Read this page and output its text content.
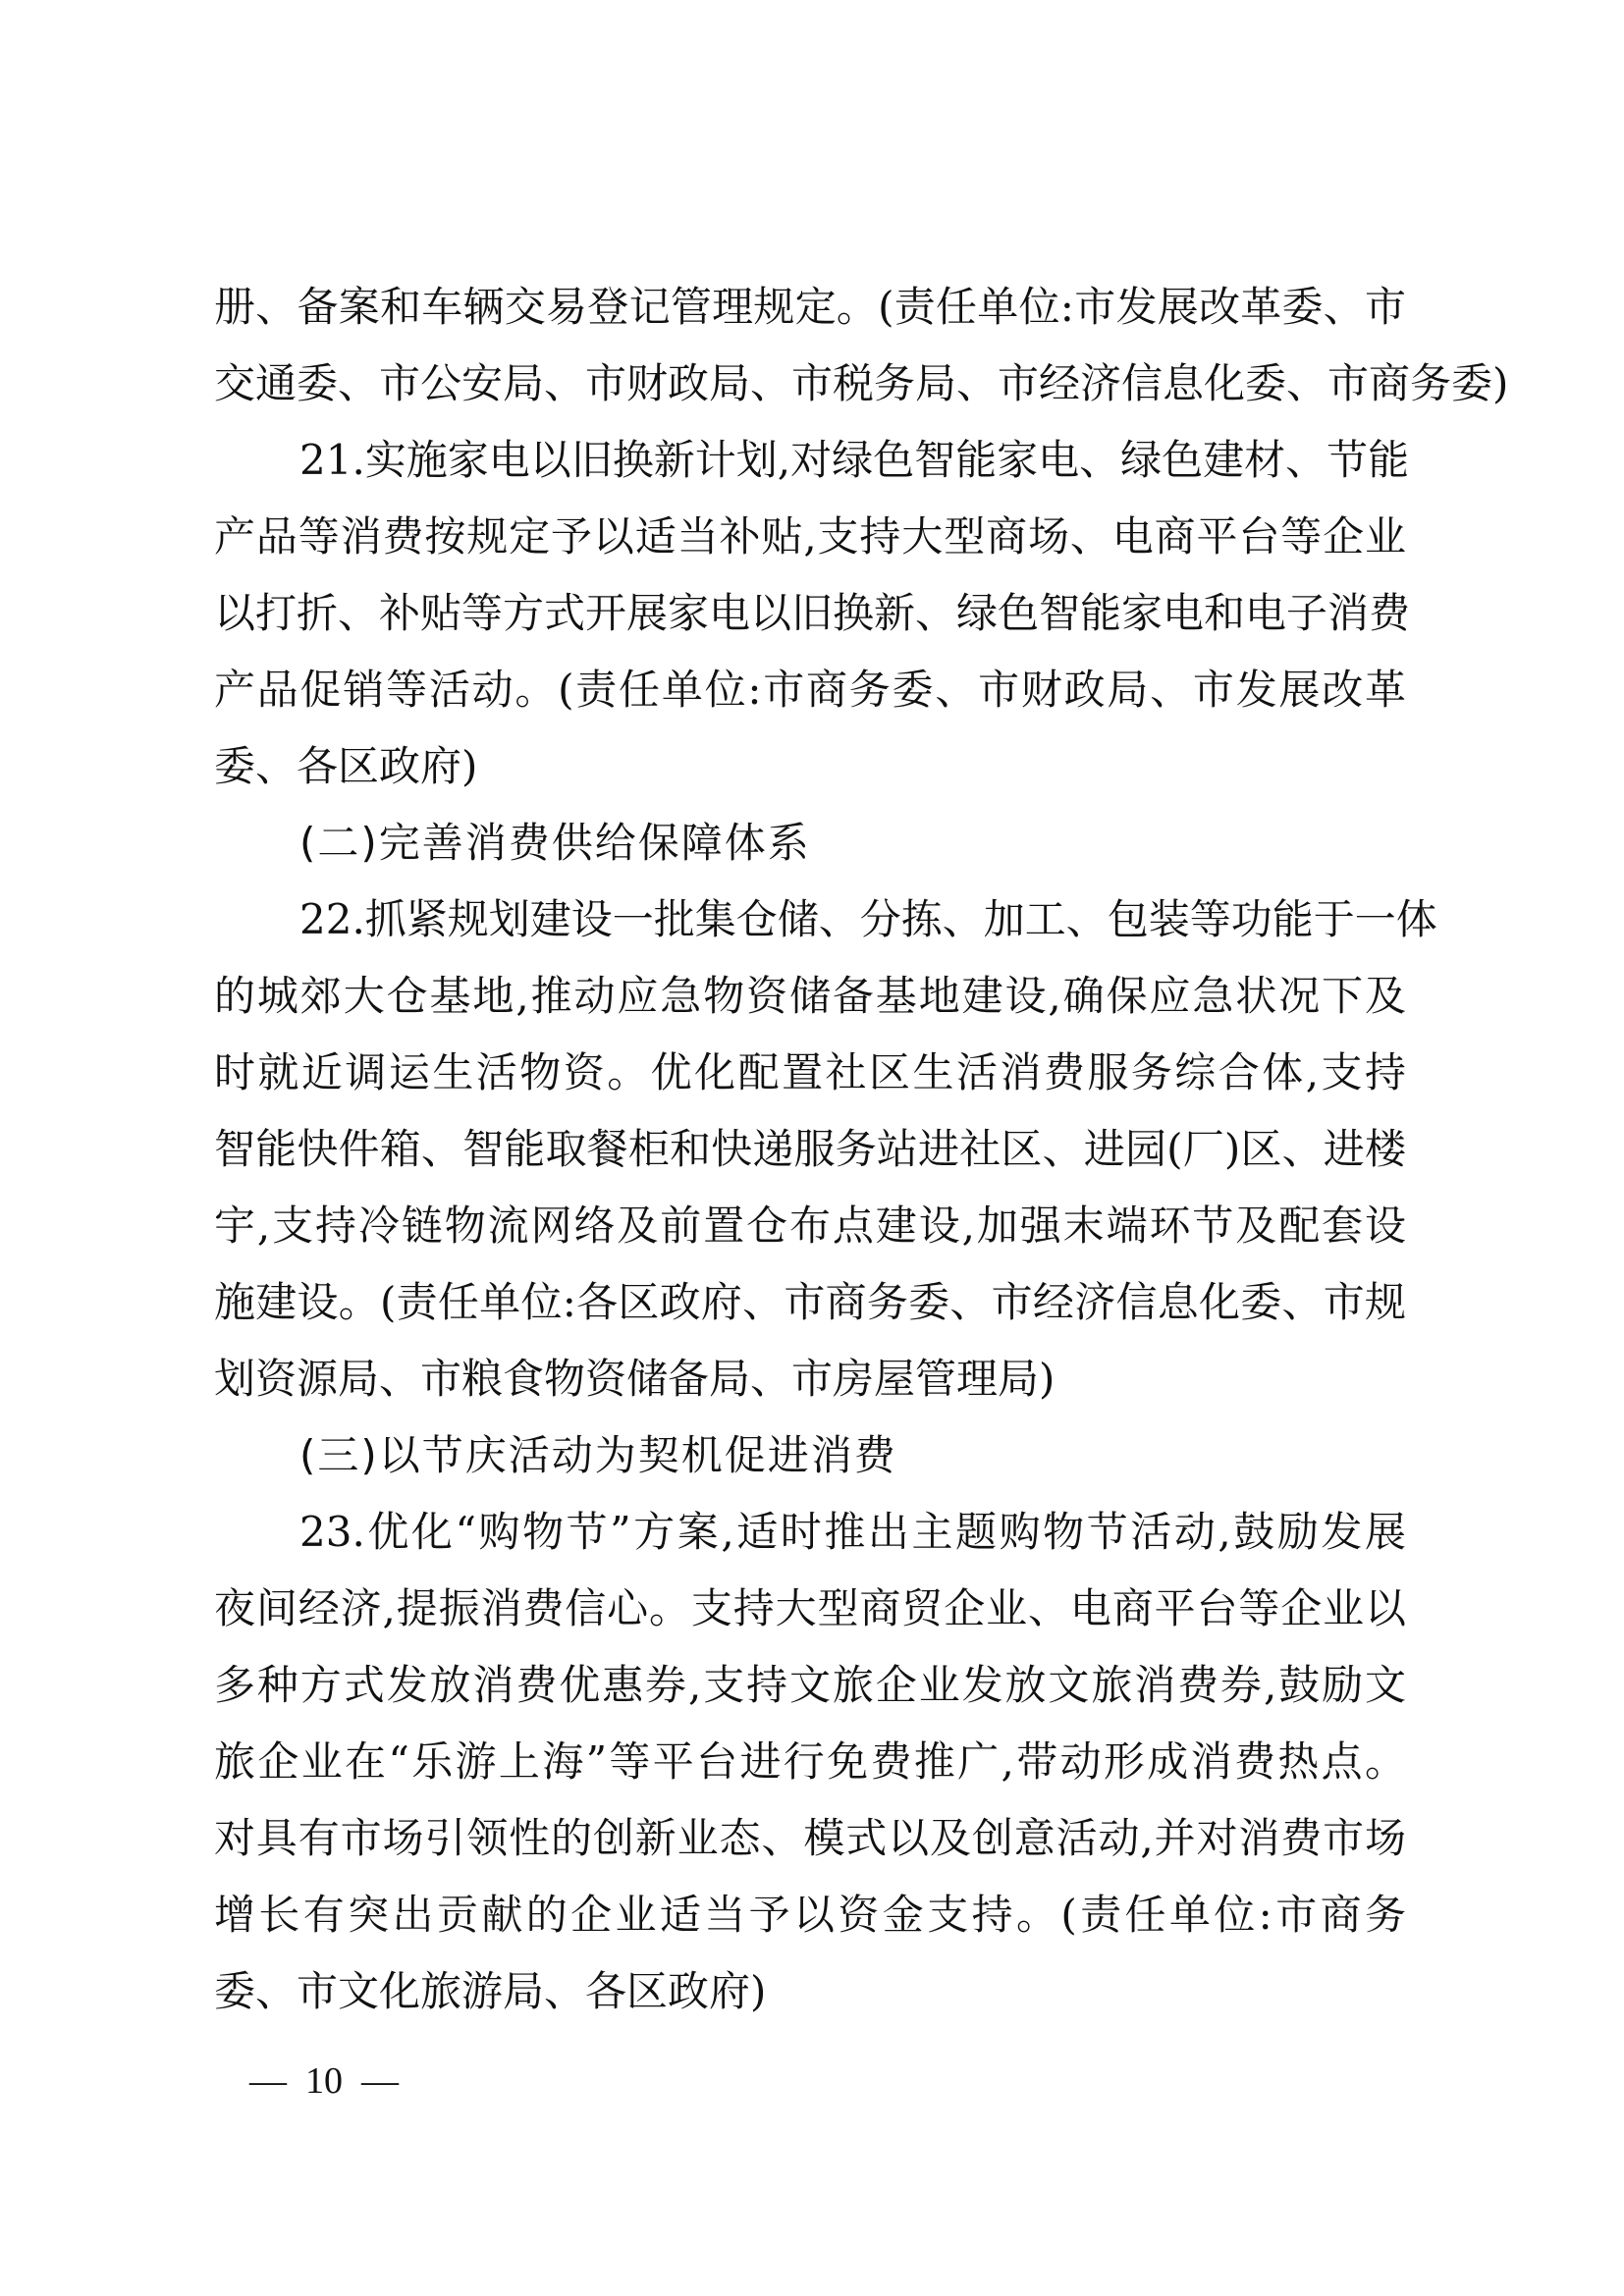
册、备案和车辆交易登记管理规定。(责任单位:市发展改革委、市
交通委、市公安局、市财政局、市税务局、市经济信息化委、市商务委)
21.实施家电以旧换新计划,对绿色智能家电、绿色建材、节能
产品等消费按规定予以适当补贴,支持大型商场、电商平台等企业
以打折、补贴等方式开展家电以旧换新、绿色智能家电和电子消费
产品促销等活动。(责任单位:市商务委、市财政局、市发展改革
委、各区政府)
(二)完善消费供给保障体系
22.抓紧规划建设一批集仓储、分拣、加工、包装等功能于一体
的城郊大仓基地,推动应急物资储备基地建设,确保应急状况下及
时就近调运生活物资。优化配置社区生活消费服务综合体,支持
智能快件箱、智能取餐柜和快递服务站进社区、进园(厂)区、进楼
宇,支持冷链物流网络及前置仓布点建设,加强末端环节及配套设
施建设。(责任单位:各区政府、市商务委、市经济信息化委、市规
划资源局、市粮食物资储备局、市房屋管理局)
(三)以节庆活动为契机促进消费
23.优化“购物节”方案,适时推出主题购物节活动,鼓励发展
夜间经济,提振消费信心。支持大型商贸企业、电商平台等企业以
多种方式发放消费优惠券,支持文旅企业发放文旅消费券,鼓励文
旅企业在“乐游上海”等平台进行免费推广,带动形成消费热点。
对具有市场引领性的创新业态、模式以及创意活动,并对消费市场
增长有突出贡献的企业适当予以资金支持。(责任单位:市商务
委、市文化旅游局、各区政府)
—  10  —
